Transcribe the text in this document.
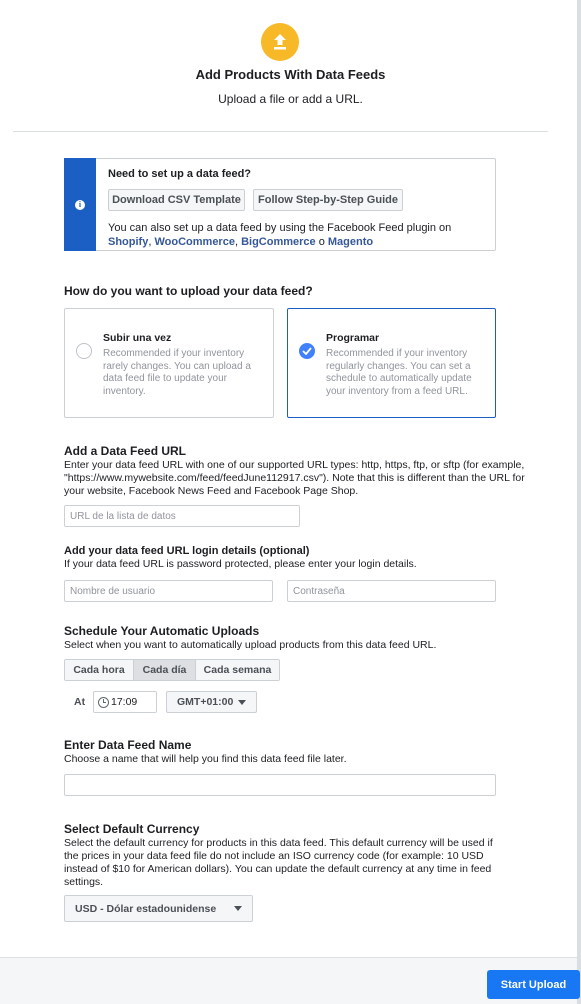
Add Products With Data Feeds
Upload a file or add a URL.
i
Need to set up a data feed?
Download CSV Template	Follow Step-by-Step Guide
You can also set up a data feed by using the Facebook Feed plugin on Shopify, WooCommerce, BigCommerce o Magento
How do you want to upload your data feed?
Subir una vez
Recommended if your inventory rarely changes. You can upload a data feed file to update your inventory.
Programar
Recommended if your inventory regularly changes. You can set a schedule to automatically update your inventory from a feed URL.
Add a Data Feed URL
Enter your data feed URL with one of our supported URL types: http, https, ftp, or sftp (for example, "https://www.mywebsite.com/feed/feedJune112917.csv"). Note that this is different than the URL for your website, Facebook News Feed and Facebook Page Shop.
URL de la lista de datos
Add your data feed URL login details (optional)
If your data feed URL is password protected, please enter your login details.
Nombre de usuario	Contraseña
Schedule Your Automatic Uploads
Select when you want to automatically upload products from this data feed URL.
Cada hora	Cada día	Cada semana
At 17:09	GMT+01:00
Enter Data Feed Name
Choose a name that will help you find this data feed file later.
Select Default Currency
Select the default currency for products in this data feed. This default currency will be used if the prices in your data feed file do not include an ISO currency code (for example: 10 USD instead of $10 for American dollars). You can update the default currency at any time in feed settings.
USD - Dólar estadounidense
Start Upload
